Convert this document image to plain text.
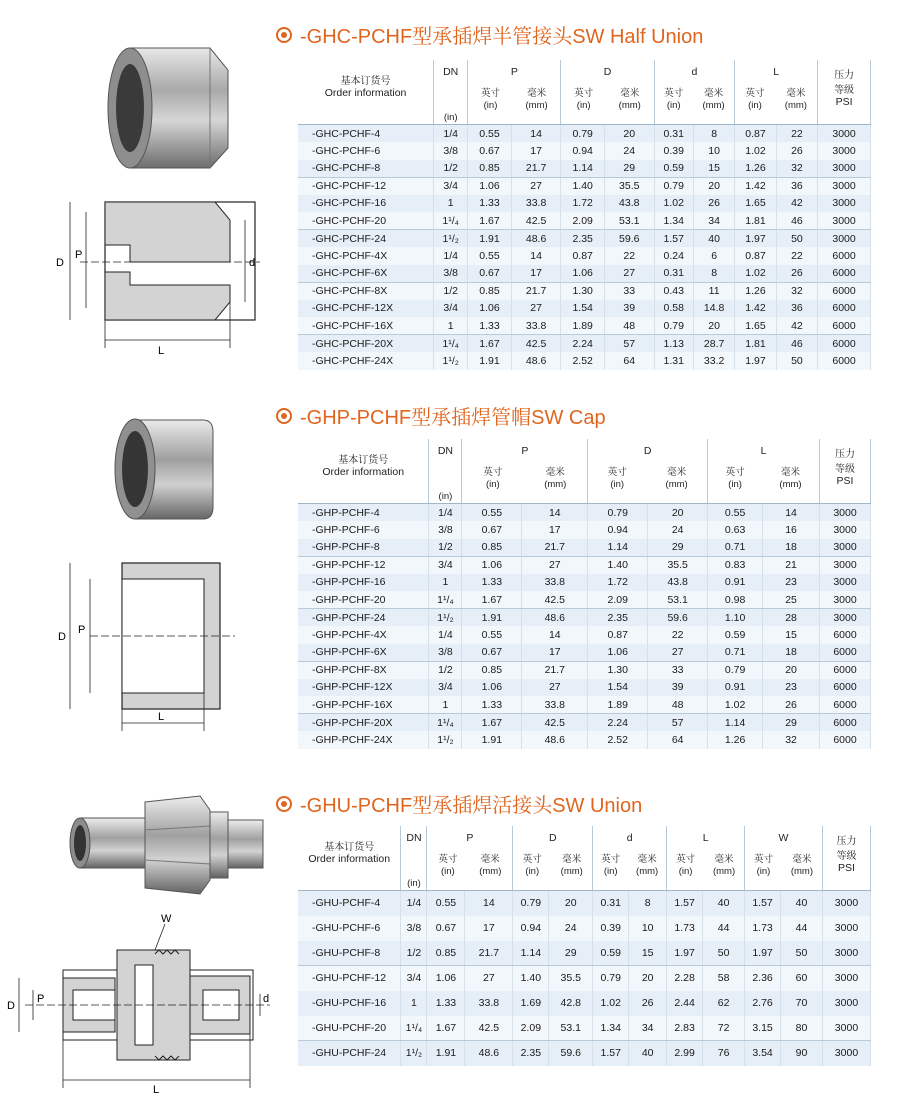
-GHC-PCHF型承插焊半管接头SW Half Union
D
P
d
L
基本订货号
Order information	DN
(in)	P
英寸
(in)
毫米
(mm)		D
英寸
(in)
毫米
(mm)		d
英寸
(in)
毫米
(mm)		L
英寸
(in)
毫米
(mm)		压力
等级
PSI

-GHC-PCHF-4	1/4	0.55	14	0.79	20	0.31	8	0.87	22	3000
-GHC-PCHF-6	3/8	0.67	17	0.94	24	0.39	10	1.02	26	3000
-GHC-PCHF-8	1/2	0.85	21.7	1.14	29	0.59	15	1.26	32	3000
-GHC-PCHF-12	3/4	1.06	27	1.40	35.5	0.79	20	1.42	36	3000
-GHC-PCHF-16	1	1.33	33.8	1.72	43.8	1.02	26	1.65	42	3000
-GHC-PCHF-20	1¹/₄	1.67	42.5	2.09	53.1	1.34	34	1.81	46	3000
-GHC-PCHF-24	1¹/₂	1.91	48.6	2.35	59.6	1.57	40	1.97	50	3000
-GHC-PCHF-4X	1/4	0.55	14	0.87	22	0.24	6	0.87	22	6000
-GHC-PCHF-6X	3/8	0.67	17	1.06	27	0.31	8	1.02	26	6000
-GHC-PCHF-8X	1/2	0.85	21.7	1.30	33	0.43	11	1.26	32	6000
-GHC-PCHF-12X	3/4	1.06	27	1.54	39	0.58	14.8	1.42	36	6000
-GHC-PCHF-16X	1	1.33	33.8	1.89	48	0.79	20	1.65	42	6000
-GHC-PCHF-20X	1¹/₄	1.67	42.5	2.24	57	1.13	28.7	1.81	46	6000
-GHC-PCHF-24X	1¹/₂	1.91	48.6	2.52	64	1.31	33.2	1.97	50	6000
-GHP-PCHF型承插焊管帽SW Cap
D
P
L
基本订货号
Order information	DN
(in)	P
英寸
(in)
毫米
(mm)		D
英寸
(in)
毫米
(mm)		L
英寸
(in)
毫米
(mm)		压力
等级
PSI

-GHP-PCHF-4	1/4	0.55	14	0.79	20	0.55	14	3000
-GHP-PCHF-6	3/8	0.67	17	0.94	24	0.63	16	3000
-GHP-PCHF-8	1/2	0.85	21.7	1.14	29	0.71	18	3000
-GHP-PCHF-12	3/4	1.06	27	1.40	35.5	0.83	21	3000
-GHP-PCHF-16	1	1.33	33.8	1.72	43.8	0.91	23	3000
-GHP-PCHF-20	1¹/₄	1.67	42.5	2.09	53.1	0.98	25	3000
-GHP-PCHF-24	1¹/₂	1.91	48.6	2.35	59.6	1.10	28	3000
-GHP-PCHF-4X	1/4	0.55	14	0.87	22	0.59	15	6000
-GHP-PCHF-6X	3/8	0.67	17	1.06	27	0.71	18	6000
-GHP-PCHF-8X	1/2	0.85	21.7	1.30	33	0.79	20	6000
-GHP-PCHF-12X	3/4	1.06	27	1.54	39	0.91	23	6000
-GHP-PCHF-16X	1	1.33	33.8	1.89	48	1.02	26	6000
-GHP-PCHF-20X	1¹/₄	1.67	42.5	2.24	57	1.14	29	6000
-GHP-PCHF-24X	1¹/₂	1.91	48.6	2.52	64	1.26	32	6000
-GHU-PCHF型承插焊活接头SW Union
D
P	d
L
W
基本订货号
Order information	DN
(in)	P
英寸
(in)
毫米
(mm)		D
英寸
(in)
毫米
(mm)		d
英寸
(in)
毫米
(mm)		L
英寸
(in)
毫米
(mm)		W
英寸
(in)
毫米
(mm)		压力
等级
PSI

-GHU-PCHF-4	1/4	0.55	14	0.79	20	0.31	8	1.57	40	1.57	40	3000
-GHU-PCHF-6	3/8	0.67	17	0.94	24	0.39	10	1.73	44	1.73	44	3000
-GHU-PCHF-8	1/2	0.85	21.7	1.14	29	0.59	15	1.97	50	1.97	50	3000
-GHU-PCHF-12	3/4	1.06	27	1.40	35.5	0.79	20	2.28	58	2.36	60	3000
-GHU-PCHF-16	1	1.33	33.8	1.69	42.8	1.02	26	2.44	62	2.76	70	3000
-GHU-PCHF-20	1¹/₄	1.67	42.5	2.09	53.1	1.34	34	2.83	72	3.15	80	3000
-GHU-PCHF-24	1¹/₂	1.91	48.6	2.35	59.6	1.57	40	2.99	76	3.54	90	3000
